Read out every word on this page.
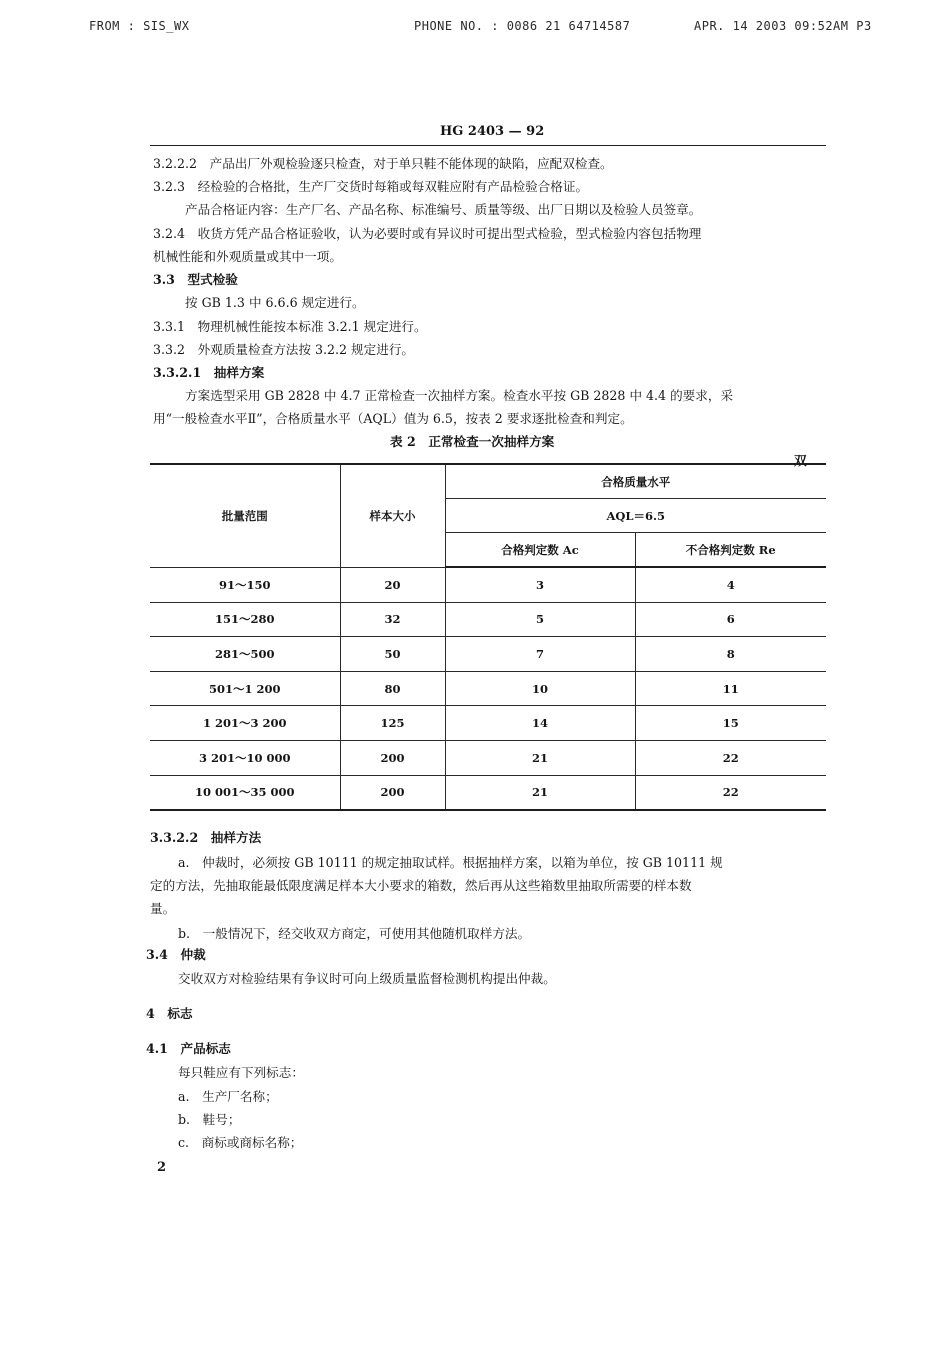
FROM : SIS_WX	PHONE NO. : 0086 21 64714587	APR. 14 2003 09:52AM P3
HG 2403 — 92
3.2.2.2　产品出厂外观检验逐只检查，对于单只鞋不能体现的缺陷，应配双检查。
3.2.3　经检验的合格批，生产厂交货时每箱或每双鞋应附有产品检验合格证。
产品合格证内容：生产厂名、产品名称、标准编号、质量等级、出厂日期以及检验人员签章。
3.2.4　收货方凭产品合格证验收，认为必要时或有异议时可提出型式检验，型式检验内容包括物理
机械性能和外观质量或其中一项。
3.3　型式检验
按 GB 1.3 中 6.6.6 规定进行。
3.3.1　物理机械性能按本标准 3.2.1 规定进行。
3.3.2　外观质量检查方法按 3.2.2 规定进行。
3.3.2.1　抽样方案
方案选型采用 GB 2828 中 4.7 正常检查一次抽样方案。检查水平按 GB 2828 中 4.4 的要求，采
用“一般检查水平Ⅱ”，合格质量水平（AQL）值为 6.5，按表 2 要求逐批检查和判定。
表 2　正常检查一次抽样方案
双
批量范围	样本大小	合格质量水平	
		AQL＝6.5	
		合格判定数 Ac	不合格判定数 Re
91～150	20	3	4
151～280	32	5	6
281～500	50	7	8
501～1 200	80	10	11
1 201～3 200	125	14	15
3 201～10 000	200	21	22
10 001～35 000	200	21	22
3.3.2.2　抽样方法
a.　仲裁时，必须按 GB 10111 的规定抽取试样。根据抽样方案，以箱为单位，按 GB 10111 规
定的方法，先抽取能最低限度满足样本大小要求的箱数，然后再从这些箱数里抽取所需要的样本数
量。
b.　一般情况下，经交收双方商定，可使用其他随机取样方法。
3.4　仲裁
交收双方对检验结果有争议时可向上级质量监督检测机构提出仲裁。
4　标志
4.1　产品标志
每只鞋应有下列标志：
a.　生产厂名称；
b.　鞋号；
c.　商标或商标名称；
2
